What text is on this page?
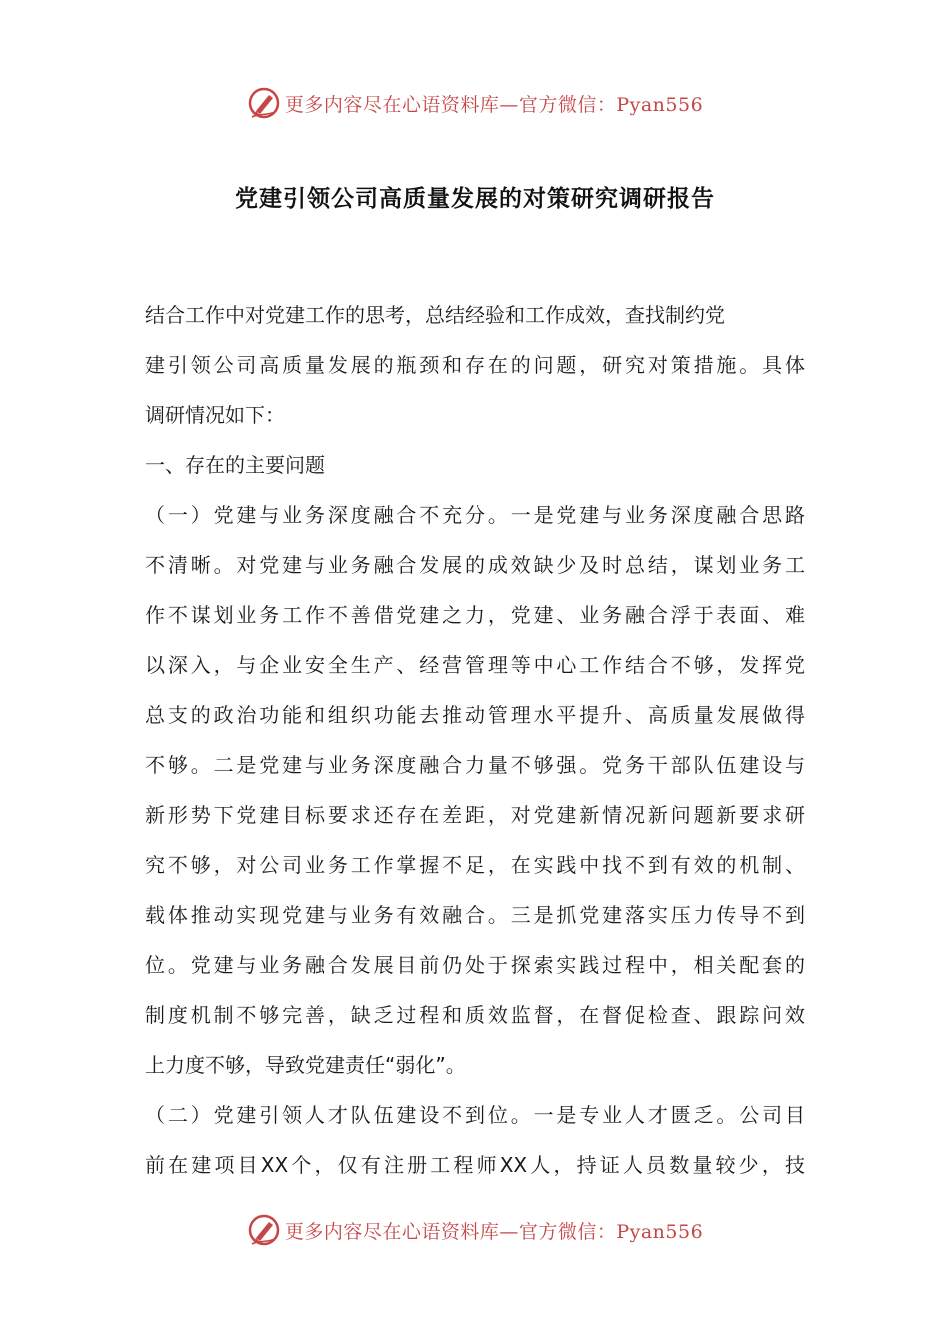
更多内容尽在心语资料库—官方微信：Pyan556
党建引领公司高质量发展的对策研究调研报告
结合工作中对党建工作的思考，总结经验和工作成效，查找制约党
建引领公司高质量发展的瓶颈和存在的问题，研究对策措施。具体
调研情况如下：
一、存在的主要问题
（一）党建与业务深度融合不充分。一是党建与业务深度融合思路
不清晰。对党建与业务融合发展的成效缺少及时总结，谋划业务工
作不谋划业务工作不善借党建之力，党建、业务融合浮于表面、难
以深入，与企业安全生产、经营管理等中心工作结合不够，发挥党
总支的政治功能和组织功能去推动管理水平提升、高质量发展做得
不够。二是党建与业务深度融合力量不够强。党务干部队伍建设与
新形势下党建目标要求还存在差距，对党建新情况新问题新要求研
究不够，对公司业务工作掌握不足，在实践中找不到有效的机制、
载体推动实现党建与业务有效融合。三是抓党建落实压力传导不到
位。党建与业务融合发展目前仍处于探索实践过程中，相关配套的
制度机制不够完善，缺乏过程和质效监督，在督促检查、跟踪问效
上力度不够，导致党建责任“弱化”。
（二）党建引领人才队伍建设不到位。一是专业人才匮乏。公司目
前在建项目XX个，仅有注册工程师XX人，持证人员数量较少，技
更多内容尽在心语资料库—官方微信：Pyan556
